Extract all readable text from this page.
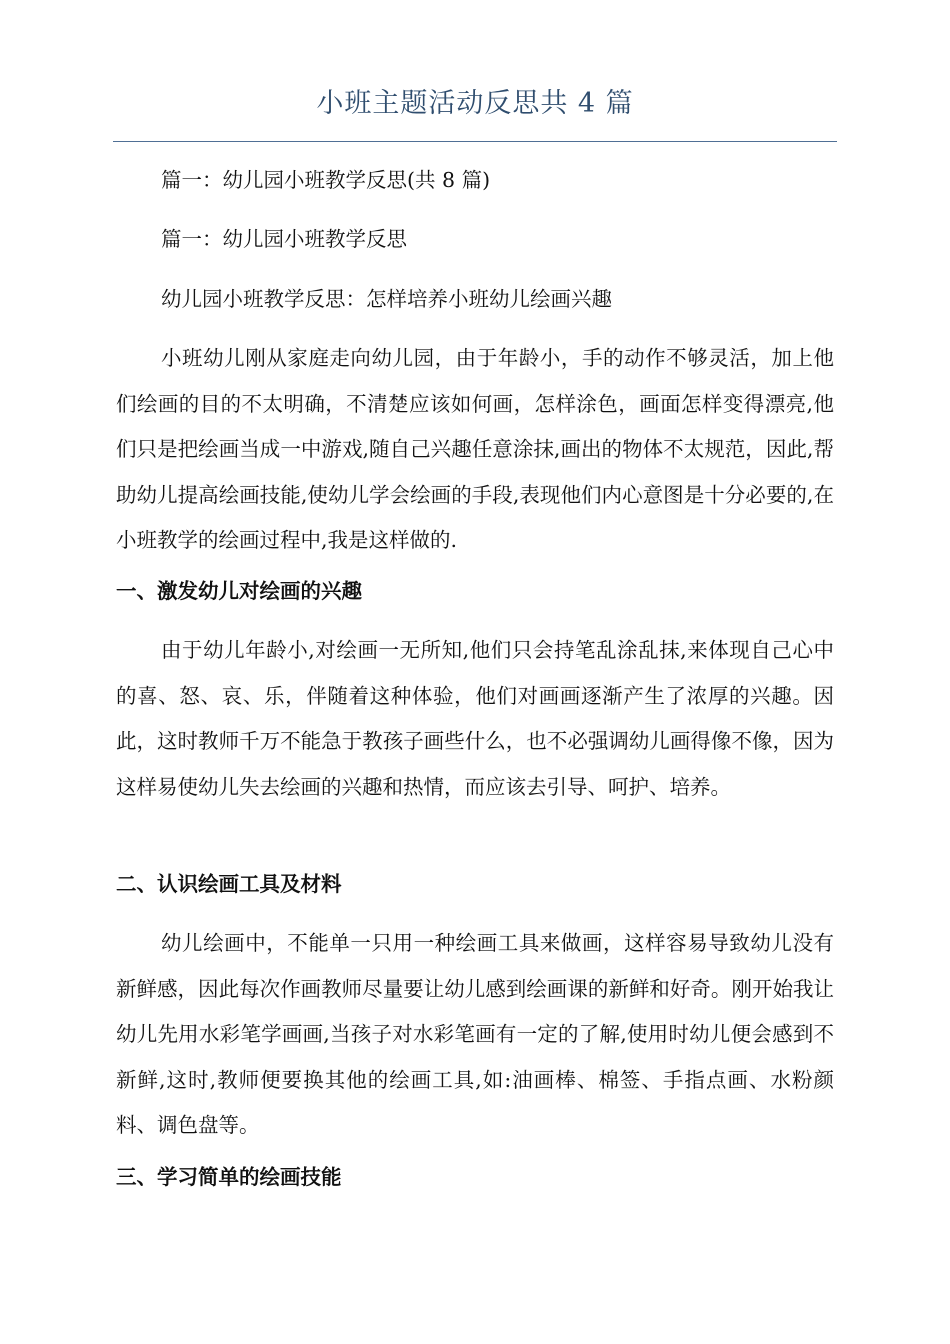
小班主题活动反思共 4 篇
篇一：幼儿园小班教学反思(共 8 篇)
篇一：幼儿园小班教学反思
幼儿园小班教学反思：怎样培养小班幼儿绘画兴趣

小班幼儿刚从家庭走向幼儿园，由于年龄小，手的动作不够灵活，加上他们绘画的目的不太明确，不清楚应该如何画，怎样涂色，画面怎样变得漂亮,他们只是把绘画当成一中游戏,随自己兴趣任意涂抹,画出的物体不太规范，因此,帮助幼儿提高绘画技能,使幼儿学会绘画的手段,表现他们内心意图是十分必要的,在小班教学的绘画过程中,我是这样做的.

一、激发幼儿对绘画的兴趣

由于幼儿年龄小,对绘画一无所知,他们只会持笔乱涂乱抹,来体现自己心中的喜、怒、哀、乐，伴随着这种体验，他们对画画逐渐产生了浓厚的兴趣。因此，这时教师千万不能急于教孩子画些什么，也不必强调幼儿画得像不像，因为这样易使幼儿失去绘画的兴趣和热情，而应该去引导、呵护、培养。

二、认识绘画工具及材料

幼儿绘画中，不能单一只用一种绘画工具来做画，这样容易导致幼儿没有新鲜感，因此每次作画教师尽量要让幼儿感到绘画课的新鲜和好奇。刚开始我让幼儿先用水彩笔学画画,当孩子对水彩笔画有一定的了解,使用时幼儿便会感到不新鲜,这时,教师便要换其他的绘画工具,如:油画棒、棉签、手指点画、水粉颜料、调色盘等。

三、学习简单的绘画技能
